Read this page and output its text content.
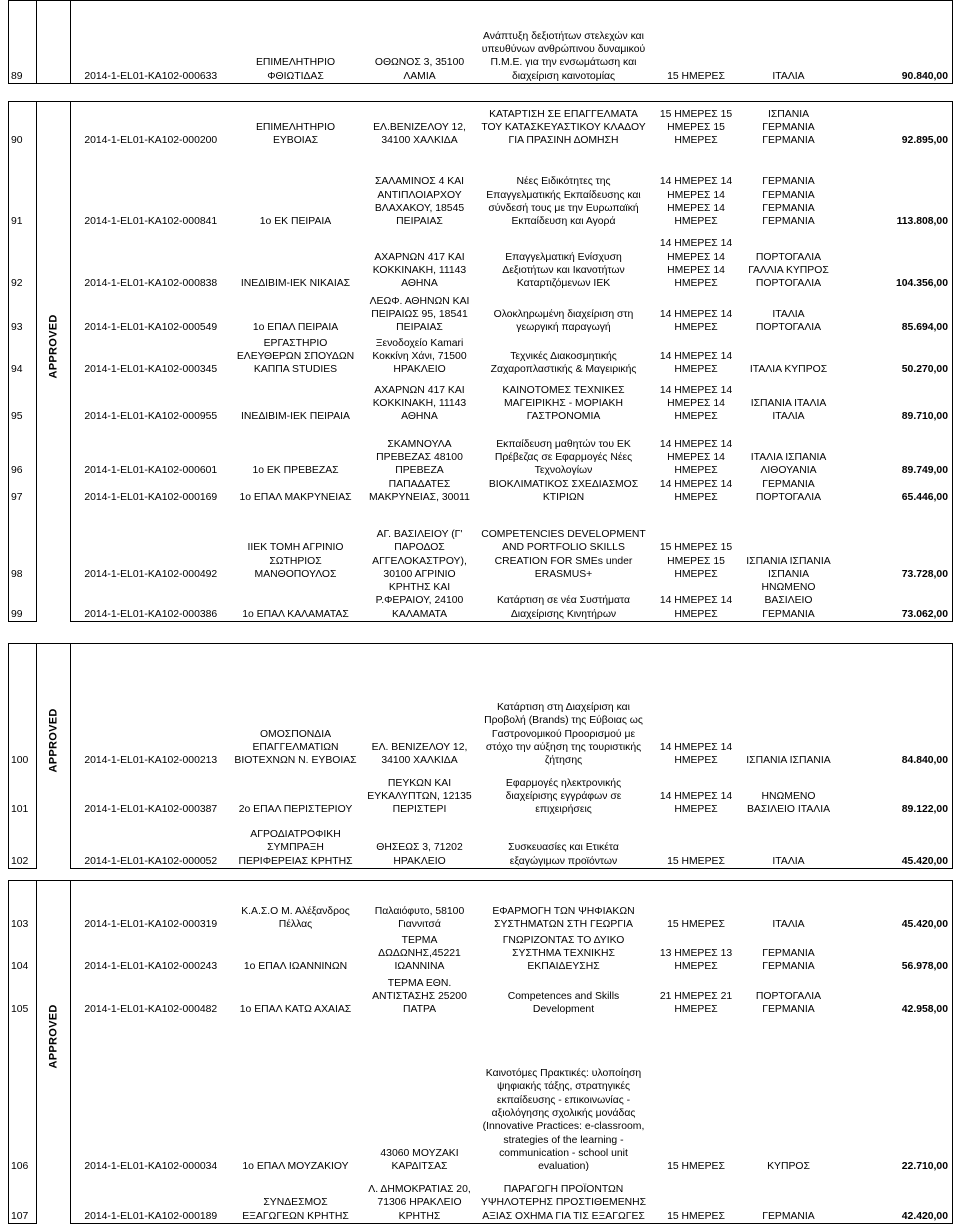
89		2014-1-EL01-KA102-000633	ΕΠΙΜΕΛΗΤΗΡΙΟ ΦΘΙΩΤΙΔΑΣ	ΟΘΩΝΟΣ 3, 35100 ΛΑΜΙΑ	Ανάπτυξη δεξιοτήτων στελεχών και υπευθύνων ανθρώπινου δυναμικού Π.Μ.Ε. για την ενσωμάτωση και διαχείριση καινοτομίας	15 ΗΜΕΡΕΣ	ΙΤΑΛΙΑ	90.840,00

90	APPROVED	2014-1-EL01-KA102-000200	ΕΠΙΜΕΛΗΤΗΡΙΟ ΕΥΒΟΙΑΣ	ΕΛ.ΒΕΝΙΖΕΛΟΥ 12, 34100 ΧΑΛΚΙΔΑ	ΚΑΤΑΡΤΙΣΗ ΣΕ ΕΠΑΓΓΕΛΜΑΤΑ ΤΟΥ ΚΑΤΑΣΚΕΥΑΣΤΙΚΟΥ ΚΛΑΔΟΥ ΓΙΑ ΠΡΑΣΙΝΗ ΔΟΜΗΣΗ	15 ΗΜΕΡΕΣ 15 ΗΜΕΡΕΣ 15 ΗΜΕΡΕΣ	ΙΣΠΑΝΙΑ ΓΕΡΜΑΝΙΑ ΓΕΡΜΑΝΙΑ	92.895,00
91		2014-1-EL01-KA102-000841	1ο ΕΚ ΠΕΙΡΑΙΑ	ΣΑΛΑΜΙΝΟΣ 4 ΚΑΙ ΑΝΤΙΠΛΟΙΑΡΧΟΥ ΒΛΑΧΑΚΟΥ, 18545 ΠΕΙΡΑΙΑΣ	Νέες Ειδικότητες της Επαγγελματικής Εκπαίδευσης και σύνδεσή τους με την Ευρωπαϊκή Εκπαίδευση και Αγορά	14 ΗΜΕΡΕΣ 14 ΗΜΕΡΕΣ 14 ΗΜΕΡΕΣ 14 ΗΜΕΡΕΣ	ΓΕΡΜΑΝΙΑ ΓΕΡΜΑΝΙΑ ΓΕΡΜΑΝΙΑ ΓΕΡΜΑΝΙΑ	113.808,00
92		2014-1-EL01-KA102-000838	ΙΝΕΔΙΒΙΜ-ΙΕΚ ΝΙΚΑΙΑΣ	ΑΧΑΡΝΩΝ 417 ΚΑΙ ΚΟΚΚΙΝΑΚΗ, 11143 ΑΘΗΝΑ	Επαγγελματική Ενίσχυση Δεξιοτήτων και Ικανοτήτων Καταρτιζόμενων ΙΕΚ	14 ΗΜΕΡΕΣ 14 ΗΜΕΡΕΣ 14 ΗΜΕΡΕΣ 14 ΗΜΕΡΕΣ	ΠΟΡΤΟΓΑΛΙΑ ΓΑΛΛΙΑ ΚΥΠΡΟΣ ΠΟΡΤΟΓΑΛΙΑ	104.356,00
93		2014-1-EL01-KA102-000549	1ο ΕΠΑΛ ΠΕΙΡΑΙΑ	ΛΕΩΦ. ΑΘΗΝΩΝ ΚΑΙ ΠΕΙΡΑΙΩΣ 95, 18541 ΠΕΙΡΑΙΑΣ	Ολοκληρωμένη διαχείριση στη γεωργική παραγωγή	14 ΗΜΕΡΕΣ 14 ΗΜΕΡΕΣ	ΙΤΑΛΙΑ ΠΟΡΤΟΓΑΛΙΑ	85.694,00
94		2014-1-EL01-KA102-000345	ΕΡΓΑΣΤΗΡΙΟ ΕΛΕΥΘΕΡΩΝ ΣΠΟΥΔΩΝ ΚΑΠΠΑ STUDIES	Ξενοδοχείο Kamari Κοκκίνη Χάνι, 71500 ΗΡΑΚΛΕΙΟ	Τεχνικές Διακοσμητικής Ζαχαροπλαστικής & Μαγειρικής	14 ΗΜΕΡΕΣ 14 ΗΜΕΡΕΣ	ΙΤΑΛΙΑ ΚΥΠΡΟΣ	50.270,00
95		2014-1-EL01-KA102-000955	ΙΝΕΔΙΒΙΜ-ΙΕΚ ΠΕΙΡΑΙΑ	ΑΧΑΡΝΩΝ 417 ΚΑΙ ΚΟΚΚΙΝΑΚΗ, 11143 ΑΘΗΝΑ	ΚΑΙΝΟΤΟΜΕΣ ΤΕΧΝΙΚΕΣ ΜΑΓΕΙΡΙΚΗΣ - ΜΟΡΙΑΚΗ ΓΑΣΤΡΟΝΟΜΙΑ	14 ΗΜΕΡΕΣ 14 ΗΜΕΡΕΣ 14 ΗΜΕΡΕΣ	ΙΣΠΑΝΙΑ ΙΤΑΛΙΑ ΙΤΑΛΙΑ	89.710,00
96		2014-1-EL01-KA102-000601	1ο ΕΚ ΠΡΕΒΕΖΑΣ	ΣΚΑΜΝΟΥΛΑ ΠΡΕΒΕΖΑΣ 48100 ΠΡΕΒΕΖΑ	Εκπαίδευση μαθητών του ΕΚ Πρέβεζας σε Εφαρμογές Νέες Τεχνολογίων	14 ΗΜΕΡΕΣ 14 ΗΜΕΡΕΣ 14 ΗΜΕΡΕΣ	ΙΤΑΛΙΑ ΙΣΠΑΝΙΑ ΛΙΘΟΥΑΝΙΑ	89.749,00
97		2014-1-EL01-KA102-000169	1ο ΕΠΑΛ ΜΑΚΡΥΝΕΙΑΣ	ΠΑΠΑΔΑΤΕΣ ΜΑΚΡΥΝΕΙΑΣ, 30011	ΒΙΟΚΛΙΜΑΤΙΚΟΣ ΣΧΕΔΙΑΣΜΟΣ ΚΤΙΡΙΩΝ	14 ΗΜΕΡΕΣ 14 ΗΜΕΡΕΣ	ΓΕΡΜΑΝΙΑ ΠΟΡΤΟΓΑΛΙΑ	65.446,00
98		2014-1-EL01-KA102-000492	ΙΙΕΚ ΤΟΜΗ ΑΓΡΙΝΙΟ ΣΩΤΗΡΙΟΣ ΜΑΝΘΟΠΟΥΛΟΣ	ΑΓ. ΒΑΣΙΛΕΙΟΥ (Γ' ΠΑΡΟΔΟΣ ΑΓΓΕΛΟΚΑΣΤΡΟΥ), 30100 ΑΓΡΙΝΙΟ	COMPETENCIES DEVELOPMENT AND PORTFOLIO SKILLS CREATION FOR SMEs under ERASMUS+	15 ΗΜΕΡΕΣ 15 ΗΜΕΡΕΣ 15 ΗΜΕΡΕΣ	ΙΣΠΑΝΙΑ ΙΣΠΑΝΙΑ ΙΣΠΑΝΙΑ	73.728,00
99		2014-1-EL01-KA102-000386	1ο ΕΠΑΛ ΚΑΛΑΜΑΤΑΣ	ΚΡΗΤΗΣ ΚΑΙ Ρ.ΦΕΡΑΙΟΥ, 24100 ΚΑΛΑΜΑΤΑ	Κατάρτιση σε νέα Συστήματα Διαχείρισης Κινητήρων	14 ΗΜΕΡΕΣ 14 ΗΜΕΡΕΣ	ΗΝΩΜΕΝΟ ΒΑΣΙΛΕΙΟ ΓΕΡΜΑΝΙΑ	73.062,00

100	APPROVED	2014-1-EL01-KA102-000213	ΟΜΟΣΠΟΝΔΙΑ ΕΠΑΓΓΕΛΜΑΤΙΩΝ ΒΙΟΤΕΧΝΩΝ Ν. ΕΥΒΟΙΑΣ	ΕΛ. ΒΕΝΙΖΕΛΟΥ 12, 34100 ΧΑΛΚΙΔΑ	Κατάρτιση στη Διαχείριση και Προβολή (Brands) της Εύβοιας ως Γαστρονομικού Προορισμού με στόχο την αύξηση της τουριστικής ζήτησης	14 ΗΜΕΡΕΣ 14 ΗΜΕΡΕΣ	ΙΣΠΑΝΙΑ ΙΣΠΑΝΙΑ	84.840,00
101		2014-1-EL01-KA102-000387	2ο ΕΠΑΛ ΠΕΡΙΣΤΕΡΙΟΥ	ΠΕΥΚΩΝ ΚΑΙ ΕΥΚΑΛΥΠΤΩΝ, 12135 ΠΕΡΙΣΤΕΡΙ	Εφαρμογές ηλεκτρονικής διαχείρισης εγγράφων σε επιχειρήσεις	14 ΗΜΕΡΕΣ 14 ΗΜΕΡΕΣ	ΗΝΩΜΕΝΟ ΒΑΣΙΛΕΙΟ ΙΤΑΛΙΑ	89.122,00
102		2014-1-EL01-KA102-000052	ΑΓΡΟΔΙΑΤΡΟΦΙΚΗ ΣΥΜΠΡΑΞΗ ΠΕΡΙΦΕΡΕΙΑΣ ΚΡΗΤΗΣ	ΘΗΣΕΩΣ 3, 71202 ΗΡΑΚΛΕΙΟ	Συσκευασίες και Ετικέτα εξαγώγιμων προϊόντων	15 ΗΜΕΡΕΣ	ΙΤΑΛΙΑ	45.420,00

103	APPROVED	2014-1-EL01-KA102-000319	Κ.Α.Σ.Ο Μ. Αλέξανδρος Πέλλας	Παλαιόφυτο, 58100 Γιαννιτσά	ΕΦΑΡΜΟΓΗ ΤΩΝ ΨΗΦΙΑΚΩΝ ΣΥΣΤΗΜΑΤΩΝ ΣΤΗ ΓΕΩΡΓΙΑ	15 ΗΜΕΡΕΣ	ΙΤΑΛΙΑ	45.420,00
104		2014-1-EL01-KA102-000243	1ο ΕΠΑΛ ΙΩΑΝΝΙΝΩΝ	ΤΕΡΜΑ ΔΩΔΩΝΗΣ,45221 ΙΩΑΝΝΙΝΑ	ΓΝΩΡΙΖΟΝΤΑΣ ΤΟ ΔΥΙΚΟ ΣΥΣΤΗΜΑ ΤΕΧΝΙΚΗΣ ΕΚΠΑΙΔΕΥΣΗΣ	13 ΗΜΕΡΕΣ 13 ΗΜΕΡΕΣ	ΓΕΡΜΑΝΙΑ ΓΕΡΜΑΝΙΑ	56.978,00
105		2014-1-EL01-KA102-000482	1ο ΕΠΑΛ ΚΑΤΩ ΑΧΑΙΑΣ	ΤΕΡΜΑ ΕΘΝ. ΑΝΤΙΣΤΑΣΗΣ 25200 ΠΑΤΡΑ	Competences and Skills Development	21 ΗΜΕΡΕΣ 21 ΗΜΕΡΕΣ	ΠΟΡΤΟΓΑΛΙΑ ΓΕΡΜΑΝΙΑ	42.958,00
106		2014-1-EL01-KA102-000034	1ο ΕΠΑΛ ΜΟΥΖΑΚΙΟΥ	43060 ΜΟΥΖΑΚΙ ΚΑΡΔΙΤΣΑΣ	Καινοτόμες Πρακτικές: υλοποίηση ψηφιακής τάξης, στρατηγικές εκπαίδευσης - επικοινωνίας - αξιολόγησης σχολικής μονάδας (Innovative Practices: e-classroom, strategies of the learning - communication - school unit evaluation)	15 ΗΜΕΡΕΣ	ΚΥΠΡΟΣ	22.710,00
107		2014-1-EL01-KA102-000189	ΣΥΝΔΕΣΜΟΣ ΕΞΑΓΩΓΕΩΝ ΚΡΗΤΗΣ	Λ. ΔΗΜΟΚΡΑΤΙΑΣ 20, 71306 ΗΡΑΚΛΕΙΟ ΚΡΗΤΗΣ	ΠΑΡΑΓΩΓΗ ΠΡΟΪΟΝΤΩΝ ΥΨΗΛΟΤΕΡΗΣ ΠΡΟΣΤΙΘΕΜΕΝΗΣ ΑΞΙΑΣ ΟΧΗΜΑ ΓΙΑ ΤΙΣ ΕΞΑΓΩΓΕΣ	15 ΗΜΕΡΕΣ	ΓΕΡΜΑΝΙΑ	42.420,00
